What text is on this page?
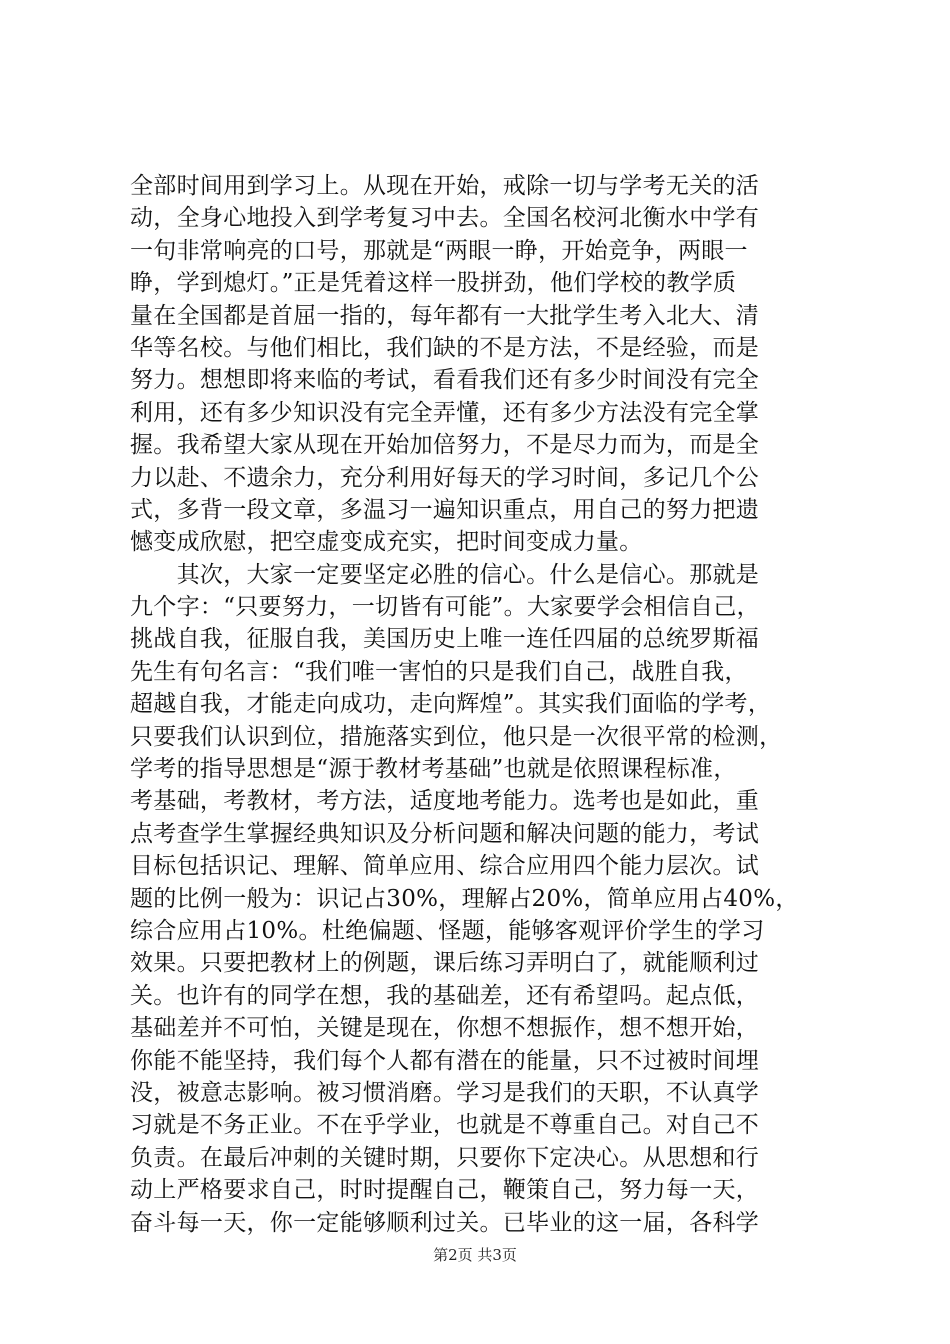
全部时间用到学习上。从现在开始，戒除一切与学考无关的活
动，全身心地投入到学考复习中去。全国名校河北衡水中学有
一句非常响亮的口号，那就是“两眼一睁，开始竞争，两眼一
睁，学到熄灯。”正是凭着这样一股拼劲，他们学校的教学质
量在全国都是首屈一指的，每年都有一大批学生考入北大、清
华等名校。与他们相比，我们缺的不是方法，不是经验，而是
努力。想想即将来临的考试，看看我们还有多少时间没有完全
利用，还有多少知识没有完全弄懂，还有多少方法没有完全掌
握。我希望大家从现在开始加倍努力，不是尽力而为，而是全
力以赴、不遗余力，充分利用好每天的学习时间，多记几个公
式，多背一段文章，多温习一遍知识重点，用自己的努力把遗
憾变成欣慰，把空虚变成充实，把时间变成力量。
　　其次，大家一定要坚定必胜的信心。什么是信心。那就是
九个字：“只要努力，一切皆有可能”。大家要学会相信自己，
挑战自我，征服自我，美国历史上唯一连任四届的总统罗斯福
先生有句名言：“我们唯一害怕的只是我们自己，战胜自我，
超越自我，才能走向成功，走向辉煌”。其实我们面临的学考，
只要我们认识到位，措施落实到位，他只是一次很平常的检测，
学考的指导思想是“源于教材考基础”也就是依照课程标准，
考基础，考教材，考方法，适度地考能力。选考也是如此，重
点考查学生掌握经典知识及分析问题和解决问题的能力，考试
目标包括识记、理解、简单应用、综合应用四个能力层次。试
题的比例一般为：识记占30%，理解占20%，简单应用占40%，
综合应用占10%。杜绝偏题、怪题，能够客观评价学生的学习
效果。只要把教材上的例题，课后练习弄明白了，就能顺利过
关。也许有的同学在想，我的基础差，还有希望吗。起点低，
基础差并不可怕，关键是现在，你想不想振作，想不想开始，
你能不能坚持，我们每个人都有潜在的能量，只不过被时间埋
没，被意志影响。被习惯消磨。学习是我们的天职，不认真学
习就是不务正业。不在乎学业，也就是不尊重自己。对自己不
负责。在最后冲刺的关键时期，只要你下定决心。从思想和行
动上严格要求自己，时时提醒自己，鞭策自己，努力每一天，
奋斗每一天，你一定能够顺利过关。已毕业的这一届，各科学
第2页 共3页
